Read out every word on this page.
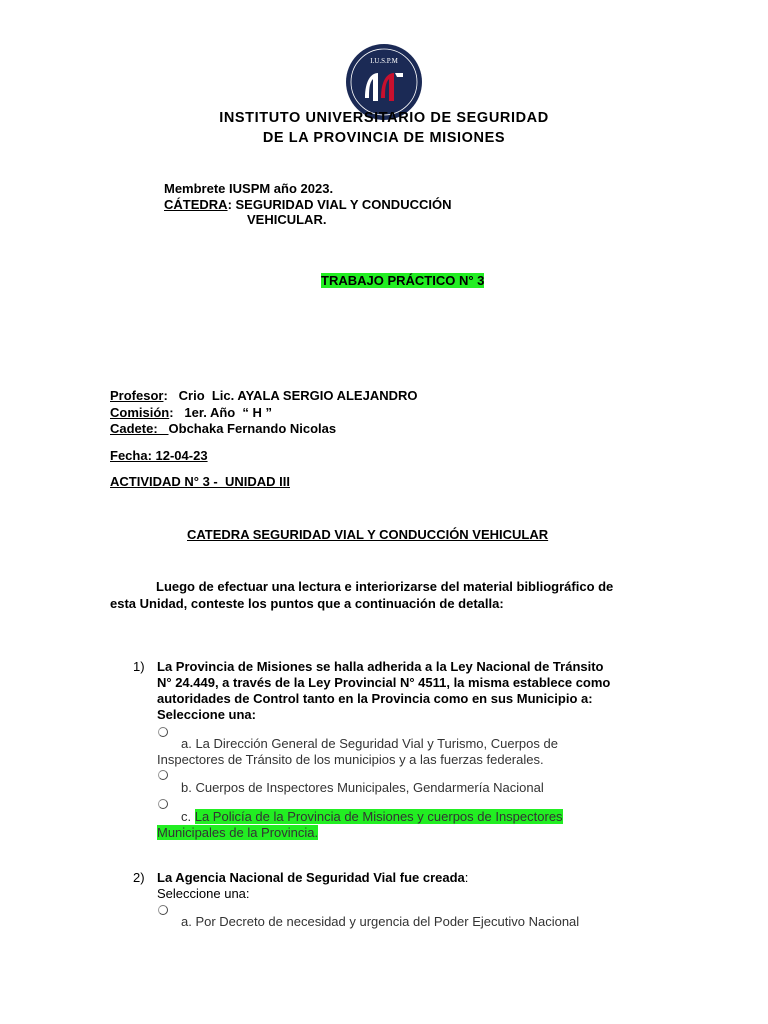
I.U.S.P.M
INSTITUTO UNIVERSITARIO DE SEGURIDAD
DE LA PROVINCIA DE MISIONES
Membrete IUSPM año 2023.
CÁTEDRA: SEGURIDAD VIAL Y CONDUCCIÓN
VEHICULAR.
TRABAJO PRÁCTICO N° 3
Profesor:   Crio  Lic. AYALA SERGIO ALEJANDRO
Comisión:   1er. Año  “ H ”
Cadete:   Obchaka Fernando Nicolas
Fecha: 12-04-23
ACTIVIDAD N° 3 -  UNIDAD III
CATEDRA SEGURIDAD VIAL Y CONDUCCIÓN VEHICULAR
Luego de efectuar una lectura e interiorizarse del material bibliográfico de
esta Unidad, conteste los puntos que a continuación de detalla:
1) La Provincia de Misiones se halla adherida a la Ley Nacional de Tránsito
N° 24.449, a través de la Ley Provincial N° 4511, la misma establece como
autoridades de Control tanto en la Provincia como en sus Municipio a:
Seleccione una:
a. La Dirección General de Seguridad Vial y Turismo, Cuerpos de
Inspectores de Tránsito de los municipios y a las fuerzas federales.
b. Cuerpos de Inspectores Municipales, Gendarmería Nacional
c. La Policía de la Provincia de Misiones y cuerpos de Inspectores
Municipales de la Provincia.
2) La Agencia Nacional de Seguridad Vial fue creada:
Seleccione una:
a. Por Decreto de necesidad y urgencia del Poder Ejecutivo Nacional
